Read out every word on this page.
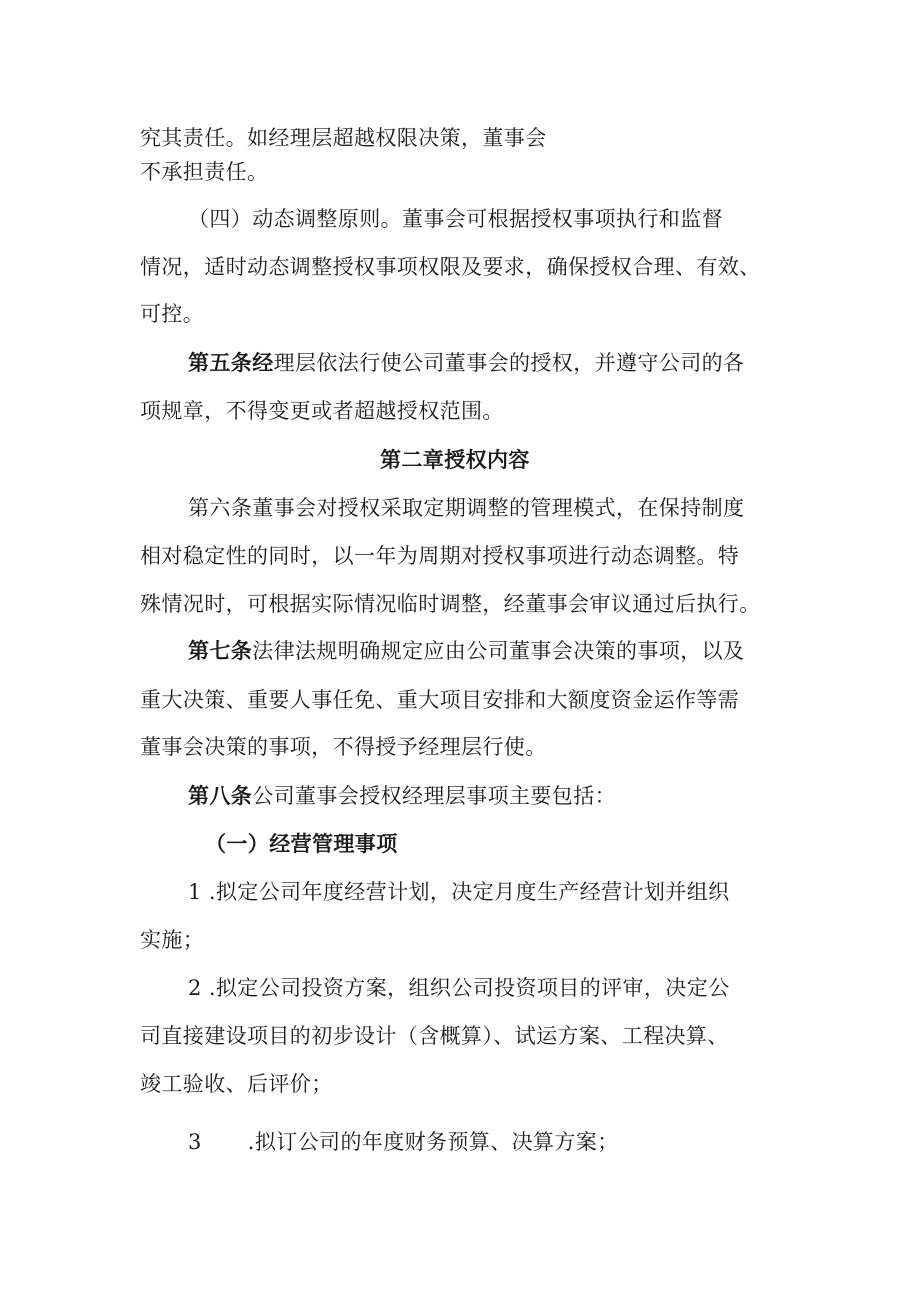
究其责任。如经理层超越权限决策，董事会
不承担责任。
（四）动态调整原则。董事会可根据授权事项执行和监督
情况，适时动态调整授权事项权限及要求，确保授权合理、有效、
可控。
第五条经理层依法行使公司董事会的授权，并遵守公司的各
项规章，不得变更或者超越授权范围。
第二章授权内容
第六条董事会对授权采取定期调整的管理模式，在保持制度
相对稳定性的同时，以一年为周期对授权事项进行动态调整。特
殊情况时，可根据实际情况临时调整，经董事会审议通过后执行。
第七条法律法规明确规定应由公司董事会决策的事项，以及
重大决策、重要人事任免、重大项目安排和大额度资金运作等需
董事会决策的事项，不得授予经理层行使。
第八条公司董事会授权经理层事项主要包括：
（一）经营管理事项
1 .拟定公司年度经营计划，决定月度生产经营计划并组织
实施；
2 .拟定公司投资方案，组织公司投资项目的评审，决定公
司直接建设项目的初步设计（含概算）、试运方案、工程决算、
竣工验收、后评价；
3 .拟订公司的年度财务预算、决算方案；
